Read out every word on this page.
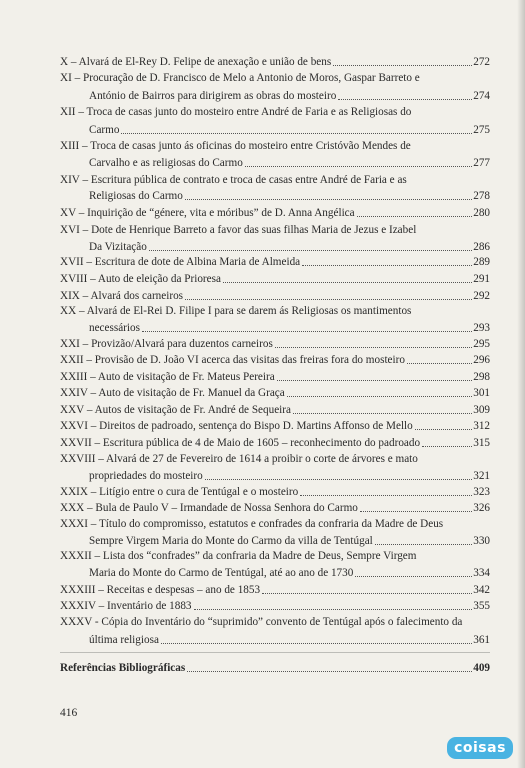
X – Alvará de El-Rey D. Felipe de anexação e união de bens	272
XI – Procuração de D. Francisco de Melo a Antonio de Moros, Gaspar Barreto e
António de Bairros para dirigirem as obras do mosteiro	274
XII – Troca de casas junto do mosteiro entre André de Faria e as Religiosas do
Carmo	275
XIII – Troca de casas junto ás oficinas do mosteiro entre Cristóvão Mendes de
Carvalho e as religiosas do Carmo	277
XIV – Escritura pública de contrato e troca de casas entre André de Faria e as
Religiosas do Carmo	278
XV – Inquirição de “génere, vita e móribus” de D. Anna Angélica	280
XVI – Dote de Henrique Barreto a favor das suas filhas Maria de Jezus e Izabel
Da Vizitação	286
XVII – Escritura de dote de Albina Maria de Almeida	289
XVIII – Auto de eleição da Prioresa	291
XIX – Alvará dos carneiros	292
XX – Alvará de El-Rei D. Filipe I para se darem ás Religiosas os mantimentos
necessários	293
XXI – Provizão/Alvará para duzentos carneiros	295
XXII – Provisão de D. João VI acerca das visitas das freiras fora do mosteiro	296
XXIII – Auto de visitação de Fr. Mateus Pereira	298
XXIV – Auto de visitação de Fr. Manuel da Graça	301
XXV – Autos de visitação de Fr. André de Sequeira	309
XXVI – Direitos de padroado, sentença do Bispo D. Martins Affonso de Mello	312
XXVII – Escritura pública de 4 de Maio de 1605 – reconhecimento do padroado	315
XXVIII – Alvará de 27 de Fevereiro de 1614 a proibir o corte de árvores e mato
propriedades do mosteiro	321
XXIX – Litígio entre o cura de Tentúgal e o mosteiro	323
XXX – Bula de Paulo V – Irmandade de Nossa Senhora do Carmo	326
XXXI – Título do compromisso, estatutos e confrades da confraria da Madre de Deus
Sempre Virgem Maria do Monte do Carmo da villa de Tentúgal	330
XXXII – Lista dos “confrades” da confraria da Madre de Deus, Sempre Virgem
Maria do Monte do Carmo de Tentúgal, até ao ano de 1730	334
XXXIII – Receitas e despesas – ano de 1853	342
XXXIV – Inventário de 1883	355
XXXV - Cópia do Inventário do “suprimido” convento de Tentúgal após o falecimento da
última religiosa	361
Referências Bibliográficas	409
416
coisas
